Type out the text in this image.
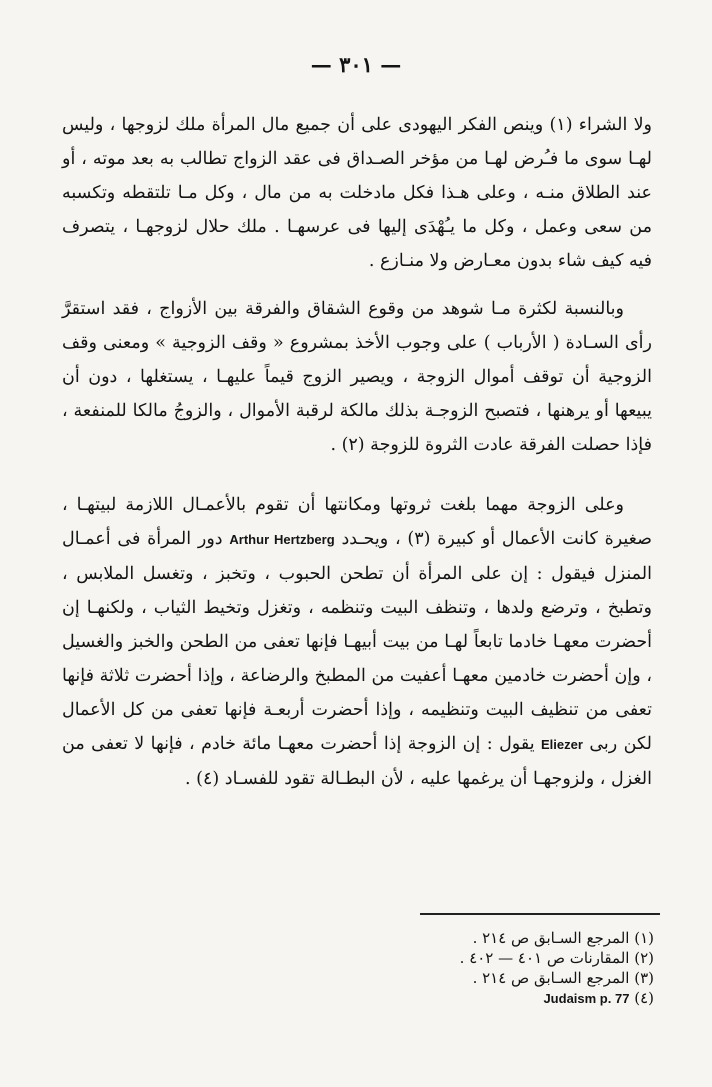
— ٣٠١ —

ولا الشراء (١) وينص الفكر اليهودى على أن جميع مال المرأة ملك لزوجها ، وليس لهـا سوى ما فـُرض لهـا من مؤخر الصـداق فى عقد الزواج تطالب به بعد موته ، أو عند الطلاق منـه ، وعلى هـذا فكل مادخلت به من مال ، وكل مـا تلتقطه وتكسبه من سعى وعمل ، وكل ما يـُهْدَى إليها فى عرسهـا . ملك حلال لزوجهـا ، يتصرف فيه كيف شاء بدون معـارض ولا منـازع .

وبالنسبة لكثرة مـا شوهد من وقوع الشقاق والفرقة بين الأزواج ، فقد استقرَّ رأى السـادة ( الأرباب ) على وجوب الأخذ بمشروع « وقف الزوجية » ومعنى وقف الزوجية أن توقف أموال الزوجة ، ويصير الزوج قيماً عليهـا ، يستغلها ، دون أن يبيعها أو يرهنها ، فتصبح الزوجـة بذلك مالكة لرقبة الأموال ، والزوجُ مالكا للمنفعة ، فإذا حصلت الفرقة عادت الثروة للزوجة (٢) .

وعلى الزوجة مهما بلغت ثروتها ومكانتها أن تقوم بالأعمـال اللازمة لبيتهـا ، صغيرة كانت الأعمال أو كبيرة (٣) ، ويحـدد Arthur Hertzberg دور المرأة فى أعمـال المنزل فيقول : إن على المرأة أن تطحن الحبوب ، وتخبز ، وتغسل الملابس ، وتطبخ ، وترضع ولدها ، وتنظف البيت وتنظمه ، وتغزل وتخيط الثياب ، ولكنهـا إن أحضرت معهـا خادما تابعاً لهـا من بيت أبيهـا فإنها تعفى من الطحن والخبز والغسيل ، وإن أحضرت خادمين معهـا أعفيت من المطبخ والرضاعة ، وإذا أحضرت ثلاثة فإنها تعفى من تنظيف البيت وتنظيمه ، وإذا أحضرت أربعـة فإنها تعفى من كل الأعمال لكن ربى Eliezer يقول : إن الزوجة إذا أحضرت معهـا مائة خادم ، فإنها لا تعفى من الغزل ، ولزوجهـا أن يرغمها عليه ، لأن البطـالة تقود للفسـاد (٤) .

(١) المرجع السـابق ص ٢١٤ .

(٢) المقارنات ص ٤٠١ — ٤٠٢ .

(٣) المرجع السـابق ص ٢١٤ .

(٤) Judaism p. 77
